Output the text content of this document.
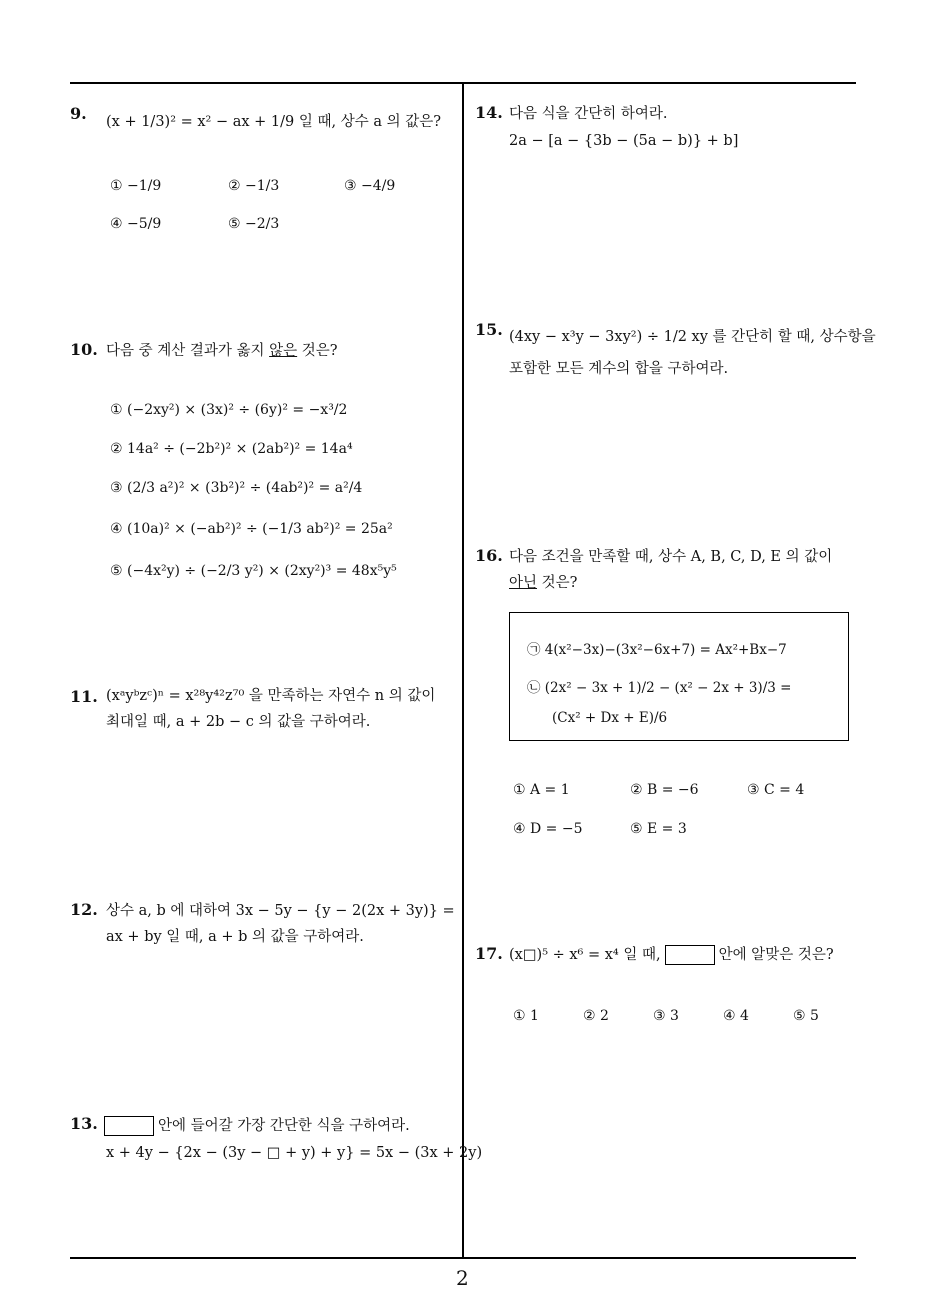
9. (x + 1/3)² = x² − ax + 1/9 일 때, 상수 a 의 값은?
① −1/9	② −1/3	③ −4/9
④ −5/9	⑤ −2/3
10. 다음 중 계산 결과가 옳지 않은 것은?
① (−2xy²) × (3x)² ÷ (6y)² = −x³/2
② 14a² ÷ (−2b²)² × (2ab²)² = 14a⁴
③ (2/3 a²)² × (3b²)² ÷ (4ab²)² = a²/4
④ (10a)² × (−ab²)² ÷ (−1/3 ab²)² = 25a²
⑤ (−4x²y) ÷ (−2/3 y²) × (2xy²)³ = 48x⁵y⁵
11. (xᵃyᵇzᶜ)ⁿ = x²⁸y⁴²z⁷⁰ 을 만족하는 자연수 n 의 값이
최대일 때, a + 2b − c 의 값을 구하여라.
12. 상수 a, b 에 대하여 3x − 5y − {y − 2(2x + 3y)} =
ax + by 일 때, a + b 의 값을 구하여라.
13.	안에 들어갈 가장 간단한 식을 구하여라.
x + 4y − {2x − (3y − □ + y) + y} = 5x − (3x + 2y)
14. 다음 식을 간단히 하여라.
2a − [a − {3b − (5a − b)} + b]
15. (4xy − x³y − 3xy²) ÷ 1/2 xy 를 간단히 할 때, 상수항을
포함한 모든 계수의 합을 구하여라.
16. 다음 조건을 만족할 때, 상수 A, B, C, D, E 의 값이
아닌 것은?
㉠ 4(x²−3x)−(3x²−6x+7) = Ax²+Bx−7
㉡ (2x² − 3x + 1)/2 − (x² − 2x + 3)/3 =
(Cx² + Dx + E)/6
① A = 1	② B = −6	③ C = 4
④ D = −5	⑤ E = 3
17. (x□)⁵ ÷ x⁶ = x⁴ 일 때,	안에 알맞은 것은?
① 1	② 2	③ 3	④ 4	⑤ 5
2
